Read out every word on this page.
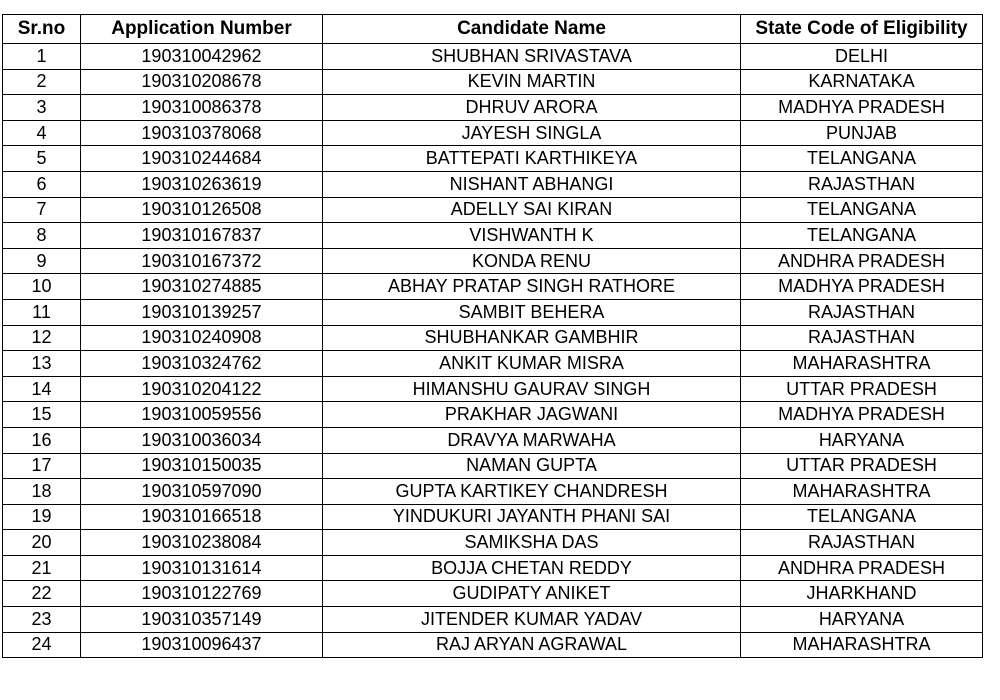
Sr.no	Application Number	Candidate Name	State Code of Eligibility
1	190310042962	SHUBHAN SRIVASTAVA	DELHI
2	190310208678	KEVIN MARTIN	KARNATAKA
3	190310086378	DHRUV ARORA	MADHYA PRADESH
4	190310378068	JAYESH SINGLA	PUNJAB
5	190310244684	BATTEPATI KARTHIKEYA	TELANGANA
6	190310263619	NISHANT ABHANGI	RAJASTHAN
7	190310126508	ADELLY SAI KIRAN	TELANGANA
8	190310167837	VISHWANTH K	TELANGANA
9	190310167372	KONDA RENU	ANDHRA PRADESH
10	190310274885	ABHAY PRATAP SINGH RATHORE	MADHYA PRADESH
11	190310139257	SAMBIT BEHERA	RAJASTHAN
12	190310240908	SHUBHANKAR GAMBHIR	RAJASTHAN
13	190310324762	ANKIT KUMAR MISRA	MAHARASHTRA
14	190310204122	HIMANSHU GAURAV SINGH	UTTAR PRADESH
15	190310059556	PRAKHAR JAGWANI	MADHYA PRADESH
16	190310036034	DRAVYA MARWAHA	HARYANA
17	190310150035	NAMAN GUPTA	UTTAR PRADESH
18	190310597090	GUPTA KARTIKEY CHANDRESH	MAHARASHTRA
19	190310166518	YINDUKURI JAYANTH PHANI SAI	TELANGANA
20	190310238084	SAMIKSHA DAS	RAJASTHAN
21	190310131614	BOJJA CHETAN REDDY	ANDHRA PRADESH
22	190310122769	GUDIPATY ANIKET	JHARKHAND
23	190310357149	JITENDER KUMAR YADAV	HARYANA
24	190310096437	RAJ ARYAN AGRAWAL	MAHARASHTRA
